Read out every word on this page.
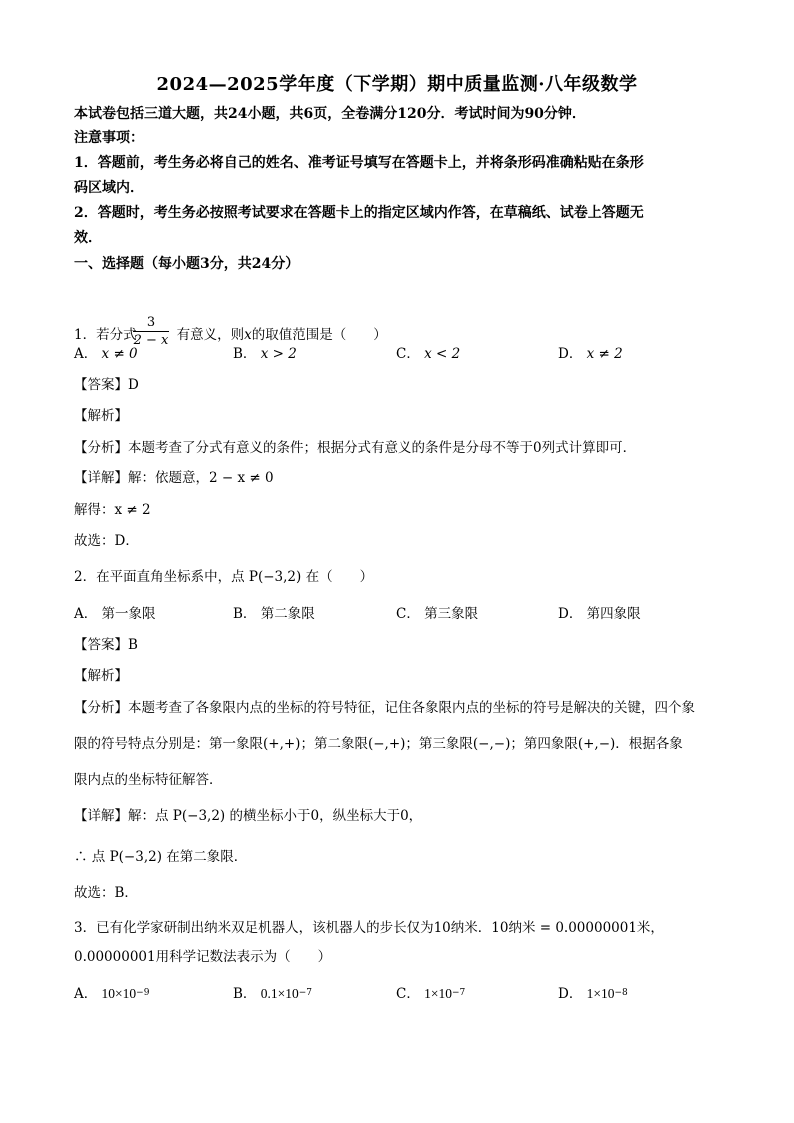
2024—2025学年度（下学期）期中质量监测·八年级数学
本试卷包括三道大题，共24小题，共6页，全卷满分120分．考试时间为90分钟．
注意事项：
1．答题前，考生务必将自己的姓名、准考证号填写在答题卡上，并将条形码准确粘贴在条形
码区域内．
2．答题时，考生务必按照考试要求在答题卡上的指定区域内作答，在草稿纸、试卷上答题无
效．
一、选择题（每小题3分，共24分）
$\frac{3}{2 - x}$
1．若分式	有意义，则x的取值范围是（　　）
A． x ≠ 0	B． x > 2	C． x < 2	D． x ≠ 2
【答案】D
【解析】
【分析】本题考查了分式有意义的条件；根据分式有意义的条件是分母不等于0列式计算即可．
【详解】解：依题意，2 − x ≠ 0
解得：x ≠ 2
故选：D．
2．在平面直角坐标系中，点 P(−3,2) 在（　　）
A． 第一象限	B． 第二象限	C． 第三象限	D． 第四象限
【答案】B
【解析】
【分析】本题考查了各象限内点的坐标的符号特征，记住各象限内点的坐标的符号是解决的关键，四个象
限的符号特点分别是：第一象限(+,+)；第二象限(−,+)；第三象限(−,−)；第四象限(+,−)．根据各象
限内点的坐标特征解答．
【详解】解：点 P(−3,2) 的横坐标小于0，纵坐标大于0，
∴ 点 P(−3,2) 在第二象限．
故选：B．
3．已有化学家研制出纳米双足机器人，该机器人的步长仅为10纳米．10纳米 = 0.00000001米，
0.00000001用科学记数法表示为（　　）
A． $10\times 10^{-9}$	B． $0.1\times 10^{-7}$	C． $1\times 10^{-7}$	D． $1\times 10^{-8}$
